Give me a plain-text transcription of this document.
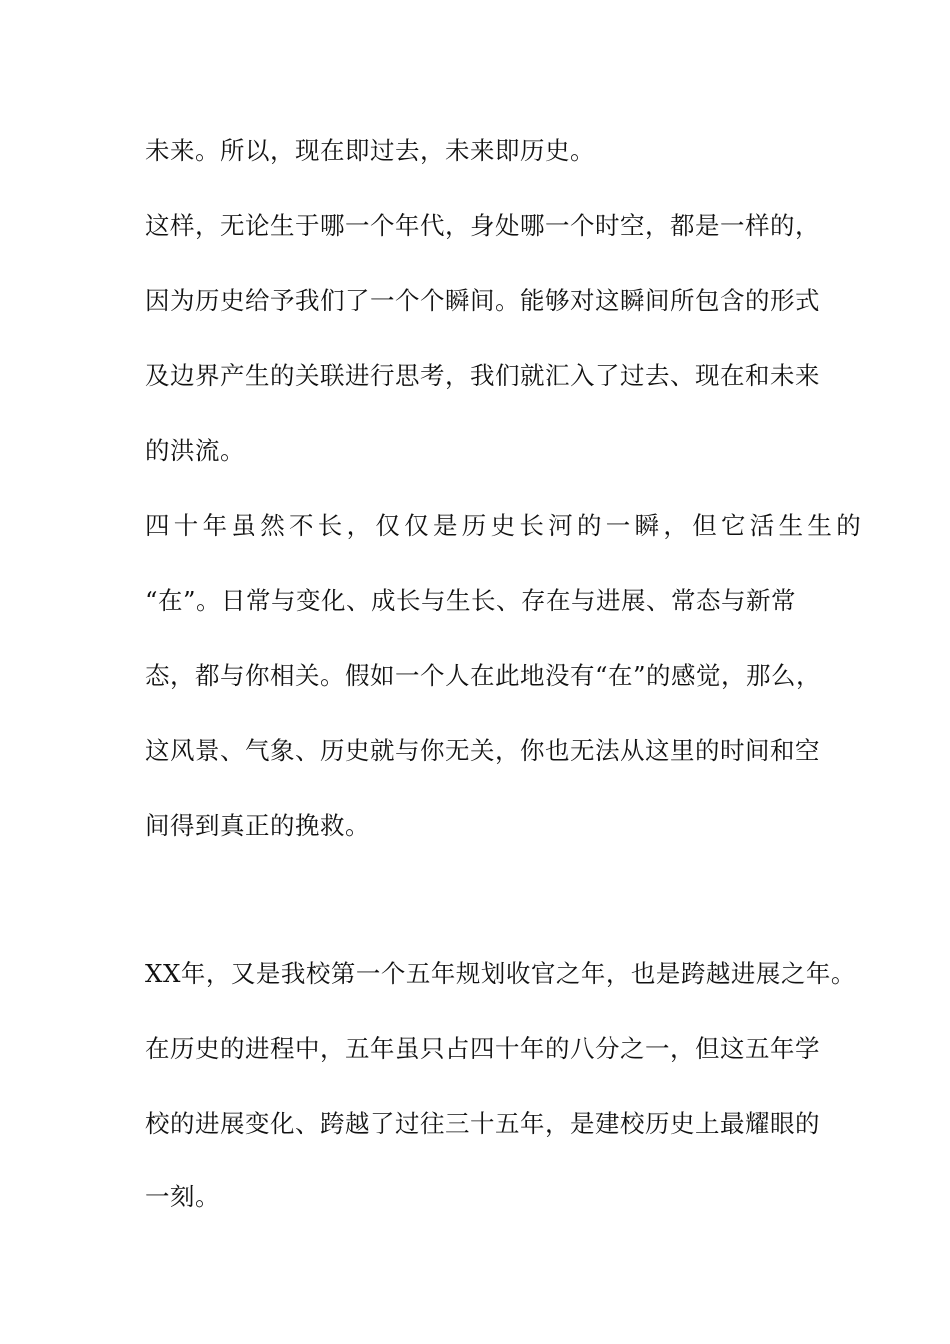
未来。所以，现在即过去，未来即历史。
这样，无论生于哪一个年代，身处哪一个时空，都是一样的，
因为历史给予我们了一个个瞬间。能够对这瞬间所包含的形式
及边界产生的关联进行思考，我们就汇入了过去、现在和未来
的洪流。
四十年虽然不长，仅仅是历史长河的一瞬，但它活生生的
“在”。日常与变化、成长与生长、存在与进展、常态与新常
态，都与你相关。假如一个人在此地没有“在”的感觉，那么，
这风景、气象、历史就与你无关，你也无法从这里的时间和空
间得到真正的挽救。
XX年，又是我校第一个五年规划收官之年，也是跨越进展之年。
在历史的进程中，五年虽只占四十年的八分之一，但这五年学
校的进展变化、跨越了过往三十五年，是建校历史上最耀眼的
一刻。
